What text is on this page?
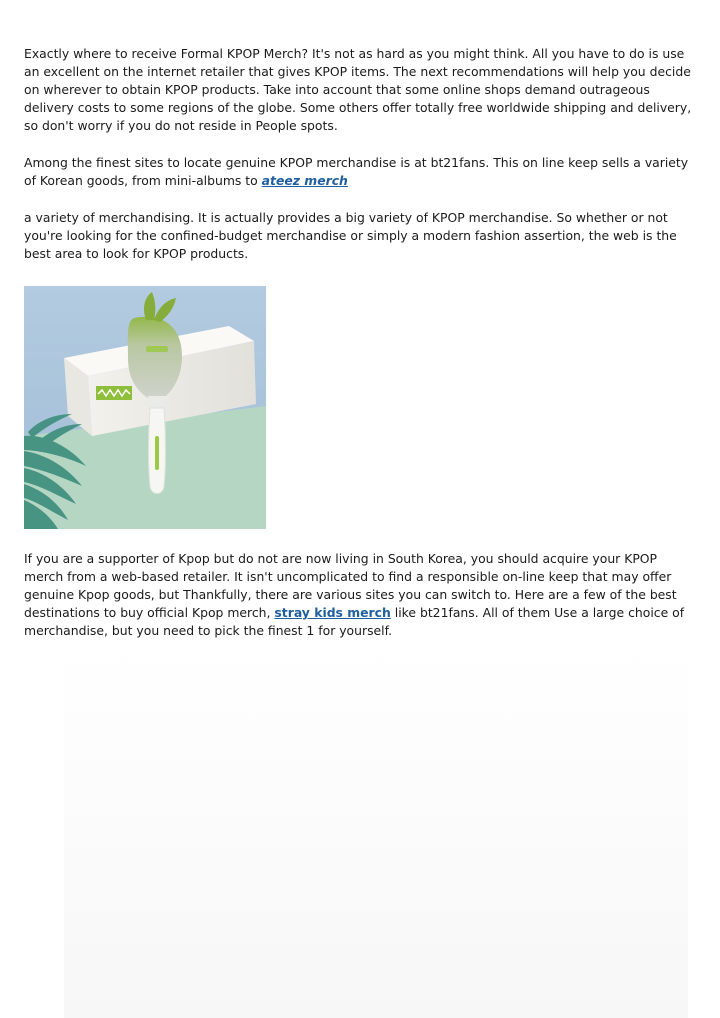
Exactly where to receive Formal KPOP Merch? It's not as hard as you might think. All you have to do is use an excellent on the internet retailer that gives KPOP items. The next recommendations will help you decide on wherever to obtain KPOP products. Take into account that some online shops demand outrageous delivery costs to some regions of the globe. Some others offer totally free worldwide shipping and delivery, so don't worry if you do not reside in People spots.

Among the finest sites to locate genuine KPOP merchandise is at bt21fans. This on line keep sells a variety of Korean goods, from mini-albums to ateez merch

a variety of merchandising. It is actually provides a big variety of KPOP merchandise. So whether or not you're looking for the confined-budget merchandise or simply a modern fashion assertion, the web is the best area to look for KPOP products.

If you are a supporter of Kpop but do not are now living in South Korea, you should acquire your KPOP merch from a web-based retailer. It isn't uncomplicated to find a responsible on-line keep that may offer genuine Kpop goods, but Thankfully, there are various sites you can switch to. Here are a few of the best destinations to buy official Kpop merch, stray kids merch like bt21fans. All of them Use a large choice of merchandise, but you need to pick the finest 1 for yourself.
